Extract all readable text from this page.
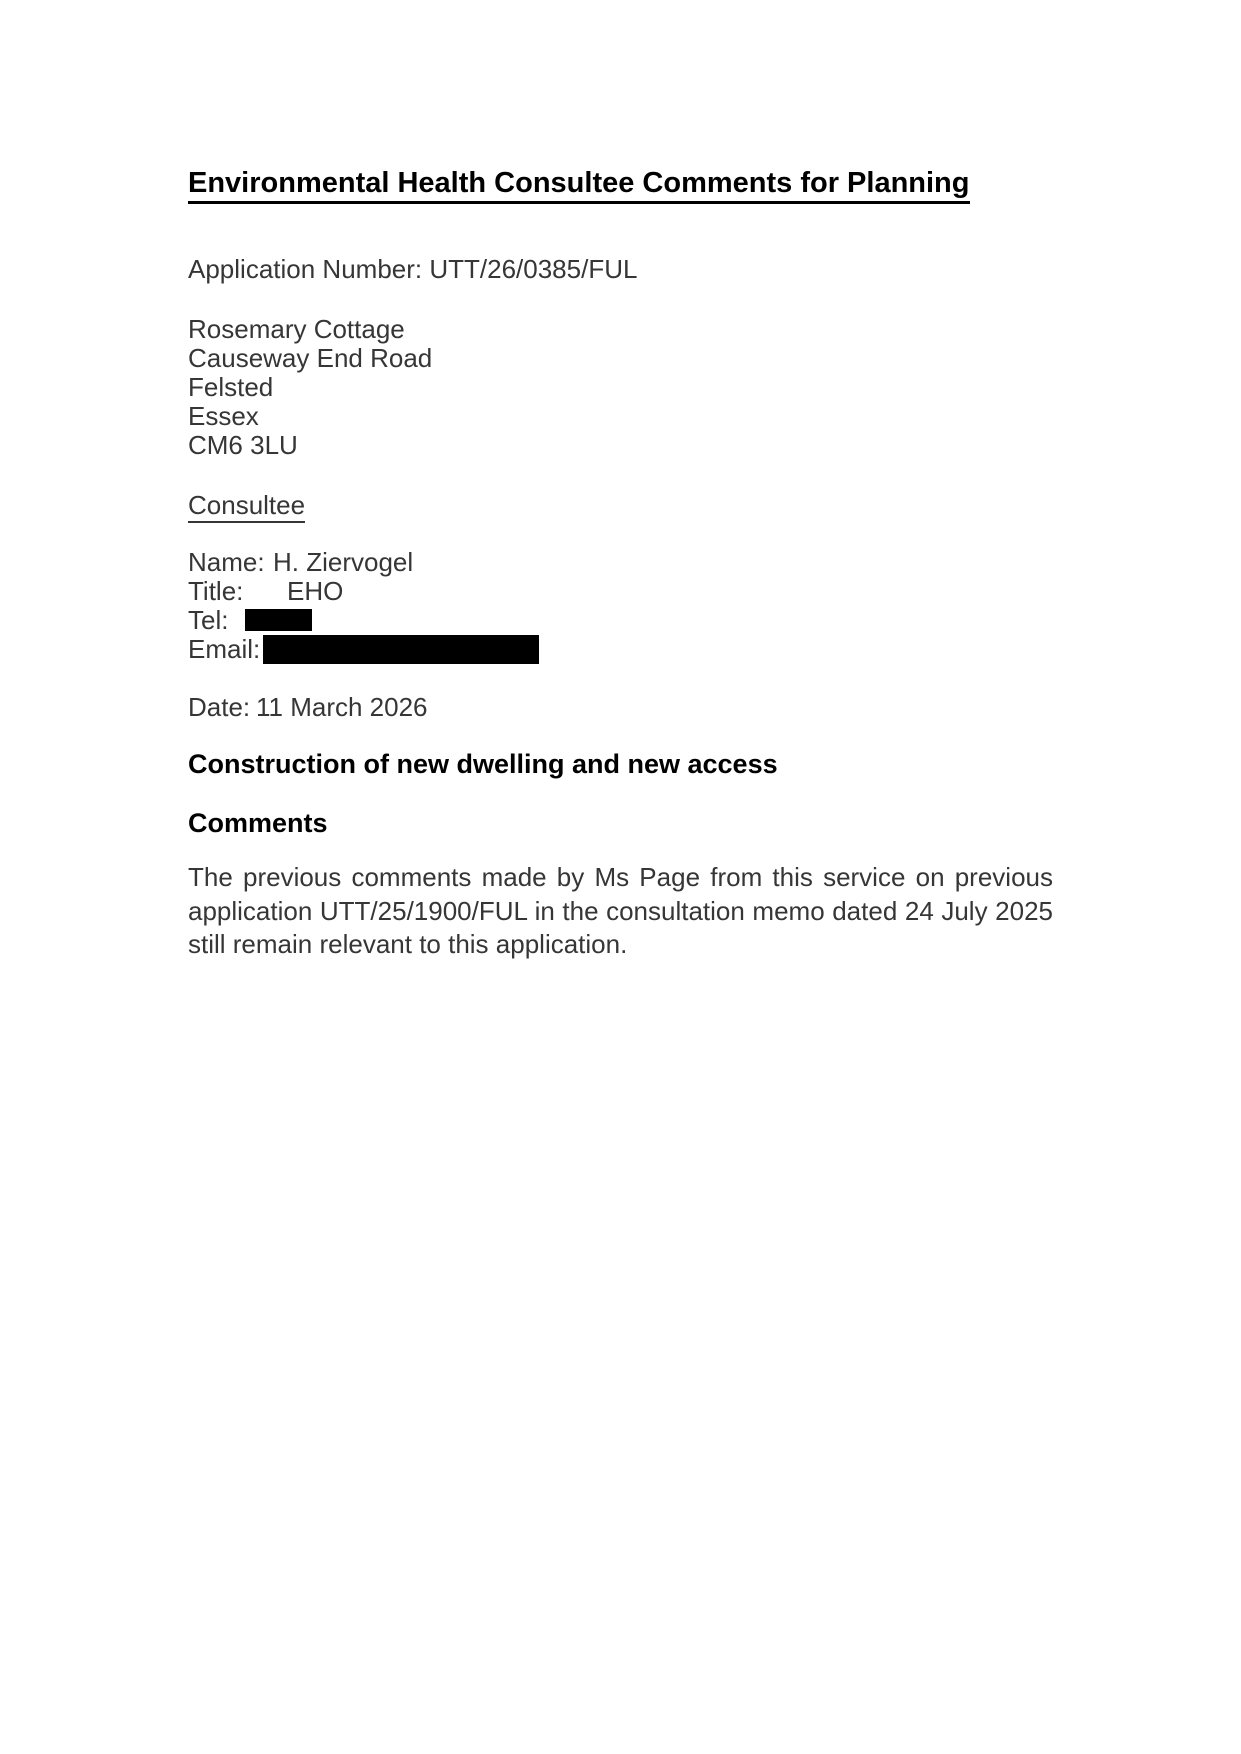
Environmental Health Consultee Comments for Planning
Application Number: UTT/26/0385/FUL
Rosemary Cottage
Causeway End Road
Felsted
Essex
CM6 3LU
Consultee
Name: H. Ziervogel
Title: EHO
Tel:
Email:
Date: 11 March 2026
Construction of new dwelling and new access
Comments
The previous comments made by Ms Page from this service on previous application UTT/25/1900/FUL in the consultation memo dated 24 July 2025 still remain relevant to this application.
